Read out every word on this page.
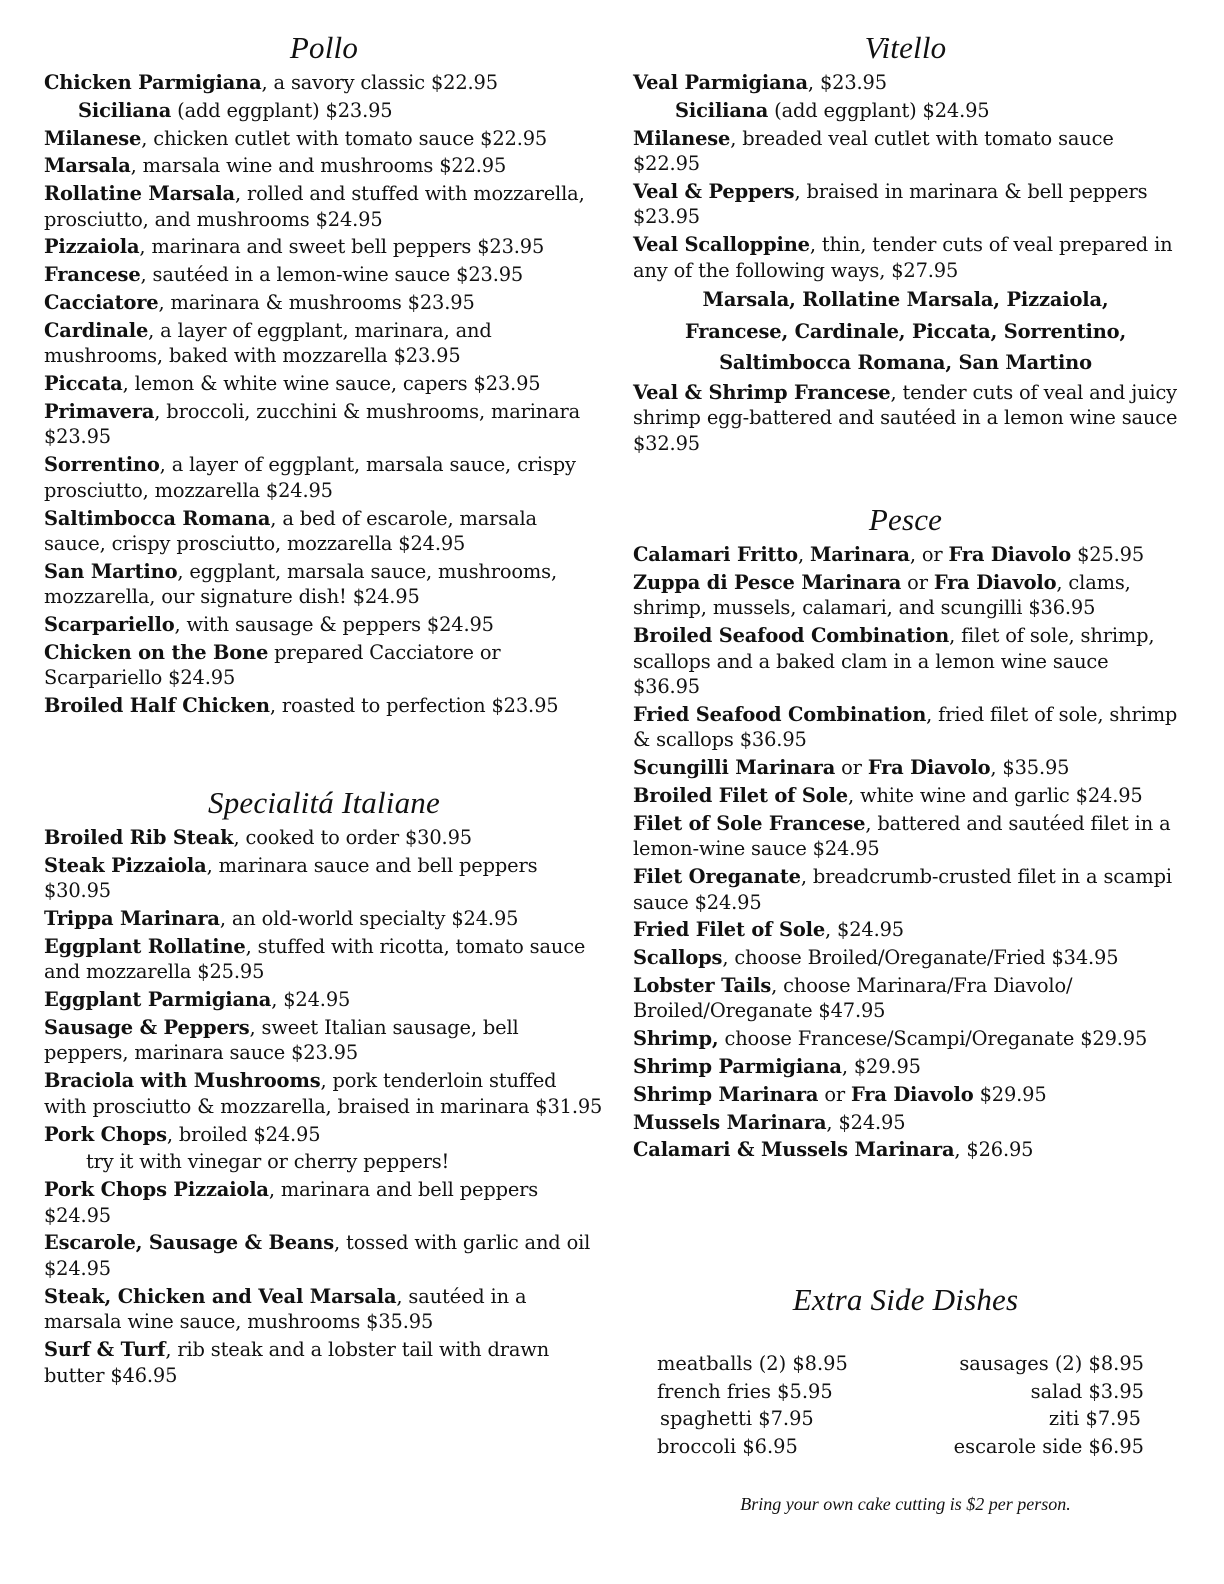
Pollo
Chicken Parmigiana, a savory classic $22.95
Siciliana (add eggplant) $23.95
Milanese, chicken cutlet with tomato sauce $22.95
Marsala, marsala wine and mushrooms $22.95
Rollatine Marsala, rolled and stuffed with mozzarella, prosciutto, and mushrooms $24.95
Pizzaiola, marinara and sweet bell peppers $23.95
Francese, sautéed in a lemon-wine sauce $23.95
Cacciatore, marinara & mushrooms $23.95
Cardinale, a layer of eggplant, marinara, and mushrooms, baked with mozzarella $23.95
Piccata, lemon & white wine sauce, capers $23.95
Primavera, broccoli, zucchini & mushrooms, marinara $23.95
Sorrentino, a layer of eggplant, marsala sauce, crispy prosciutto, mozzarella $24.95
Saltimbocca Romana, a bed of escarole, marsala sauce, crispy prosciutto, mozzarella $24.95
San Martino, eggplant, marsala sauce, mushrooms, mozzarella, our signature dish! $24.95
Scarpariello, with sausage & peppers $24.95
Chicken on the Bone prepared Cacciatore or Scarpariello $24.95
Broiled Half Chicken, roasted to perfection $23.95
Specialitá Italiane
Broiled Rib Steak, cooked to order $30.95
Steak Pizzaiola, marinara sauce and bell peppers $30.95
Trippa Marinara, an old-world specialty $24.95
Eggplant Rollatine, stuffed with ricotta, tomato sauce and mozzarella $25.95
Eggplant Parmigiana, $24.95
Sausage & Peppers, sweet Italian sausage, bell peppers, marinara sauce $23.95
Braciola with Mushrooms, pork tenderloin stuffed with prosciutto & mozzarella, braised in marinara $31.95
Pork Chops, broiled $24.95
try it with vinegar or cherry peppers!
Pork Chops Pizzaiola, marinara and bell peppers $24.95
Escarole, Sausage & Beans, tossed with garlic and oil $24.95
Steak, Chicken and Veal Marsala, sautéed in a marsala wine sauce, mushrooms $35.95
Surf & Turf, rib steak and a lobster tail with drawn butter $46.95
Vitello
Veal Parmigiana, $23.95
Siciliana (add eggplant) $24.95
Milanese, breaded veal cutlet with tomato sauce $22.95
Veal & Peppers, braised in marinara & bell peppers $23.95
Veal Scalloppine, thin, tender cuts of veal prepared in any of the following ways, $27.95
Marsala, Rollatine Marsala, Pizzaiola,
Francese, Cardinale, Piccata, Sorrentino,
Saltimbocca Romana, San Martino
Veal & Shrimp Francese, tender cuts of veal and juicy shrimp egg-battered and sautéed in a lemon wine sauce $32.95
Pesce
Calamari Fritto, Marinara, or Fra Diavolo $25.95
Zuppa di Pesce Marinara or Fra Diavolo, clams, shrimp, mussels, calamari, and scungilli $36.95
Broiled Seafood Combination, filet of sole, shrimp, scallops and a baked clam in a lemon wine sauce $36.95
Fried Seafood Combination, fried filet of sole, shrimp & scallops $36.95
Scungilli Marinara or Fra Diavolo, $35.95
Broiled Filet of Sole, white wine and garlic $24.95
Filet of Sole Francese, battered and sautéed filet in a lemon-wine sauce $24.95
Filet Oreganate, breadcrumb-crusted filet in a scampi sauce $24.95
Fried Filet of Sole, $24.95
Scallops, choose Broiled/Oreganate/Fried $34.95
Lobster Tails, choose Marinara/Fra Diavolo/ Broiled/Oreganate $47.95
Shrimp, choose Francese/Scampi/Oreganate $29.95
Shrimp Parmigiana, $29.95
Shrimp Marinara or Fra Diavolo $29.95
Mussels Marinara, $24.95
Calamari & Mussels Marinara, $26.95
Extra Side Dishes
meatballs (2) $8.95	sausages (2) $8.95
french fries $5.95	salad $3.95
spaghetti $7.95	ziti $7.95
broccoli $6.95	escarole side $6.95
Bring your own cake cutting is $2 per person.
